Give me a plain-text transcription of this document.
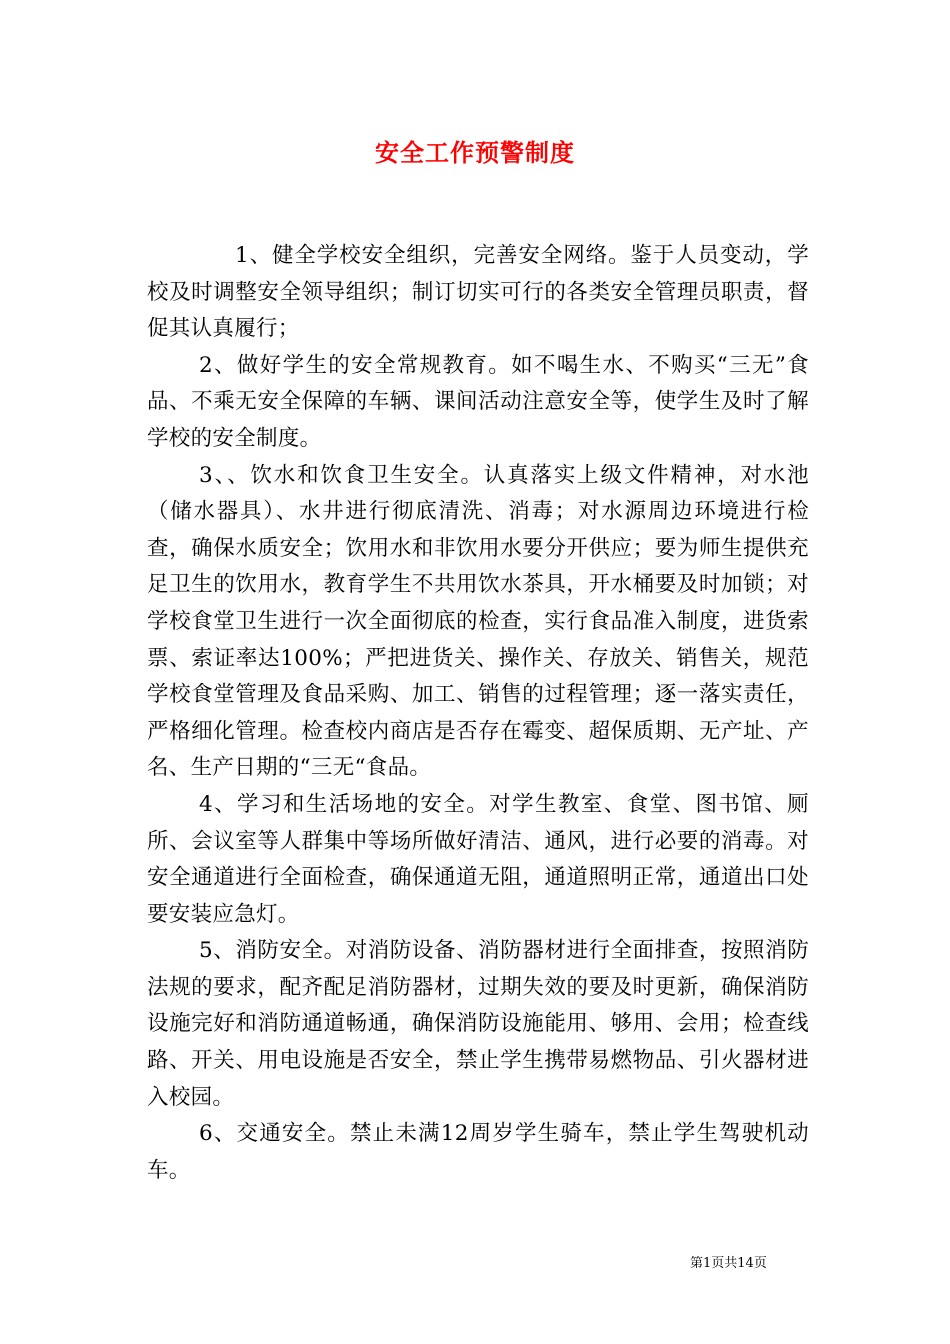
安全工作预警制度

1、健全学校安全组织，完善安全网络。鉴于人员变动，学校及时调整安全领导组织；制订切实可行的各类安全管理员职责，督促其认真履行；

2、做好学生的安全常规教育。如不喝生水、不购买“三无”食品、不乘无安全保障的车辆、课间活动注意安全等，使学生及时了解学校的安全制度。

3、、饮水和饮食卫生安全。认真落实上级文件精神，对水池（储水器具）、水井进行彻底清洗、消毒；对水源周边环境进行检查，确保水质安全；饮用水和非饮用水要分开供应；要为师生提供充足卫生的饮用水，教育学生不共用饮水茶具，开水桶要及时加锁；对学校食堂卫生进行一次全面彻底的检查，实行食品准入制度，进货索票、索证率达100%；严把进货关、操作关、存放关、销售关，规范学校食堂管理及食品采购、加工、销售的过程管理；逐一落实责任，严格细化管理。检查校内商店是否存在霉变、超保质期、无产址、产名、生产日期的“三无“食品。

4、学习和生活场地的安全。对学生教室、食堂、图书馆、厕所、会议室等人群集中等场所做好清洁、通风，进行必要的消毒。对安全通道进行全面检查，确保通道无阻，通道照明正常，通道出口处要安装应急灯。

5、消防安全。对消防设备、消防器材进行全面排查，按照消防法规的要求，配齐配足消防器材，过期失效的要及时更新，确保消防设施完好和消防通道畅通，确保消防设施能用、够用、会用；检查线路、开关、用电设施是否安全，禁止学生携带易燃物品、引火器材进入校园。

6、交通安全。禁止未满12周岁学生骑车，禁止学生驾驶机动车。

第1页共14页
